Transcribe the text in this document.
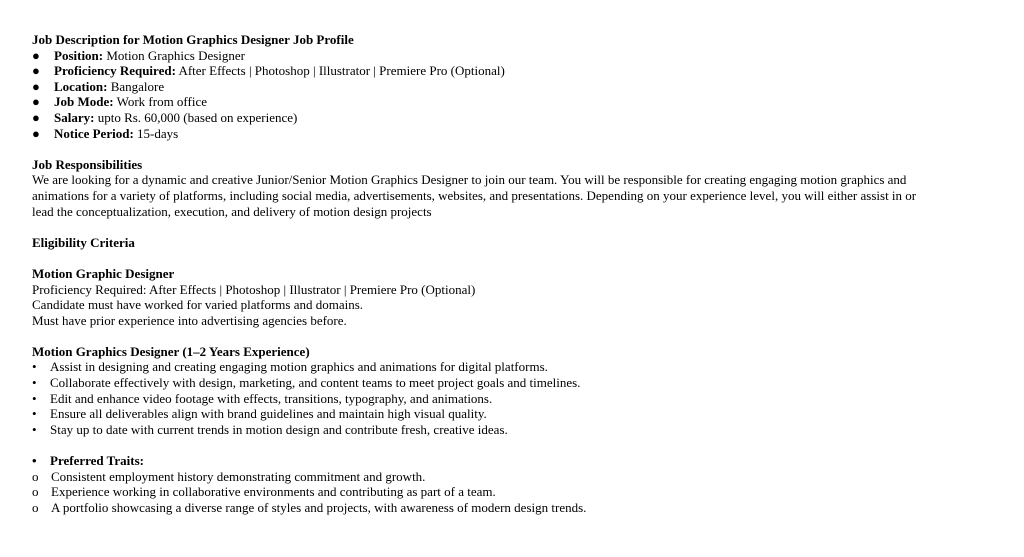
Job Description for Motion Graphics Designer Job Profile
●	Position: Motion Graphics Designer
●	Proficiency Required: After Effects | Photoshop | Illustrator | Premiere Pro (Optional)
●	Location: Bangalore
●	Job Mode: Work from office
●	Salary: upto Rs. 60,000 (based on experience)
●	Notice Period: 15-days
Job Responsibilities
We are looking for a dynamic and creative Junior/Senior Motion Graphics Designer to join our team. You will be responsible for creating engaging motion graphics and
animations for a variety of platforms, including social media, advertisements, websites, and presentations. Depending on your experience level, you will either assist in or
lead the conceptualization, execution, and delivery of motion design projects
Eligibility Criteria
Motion Graphic Designer
Proficiency Required: After Effects | Photoshop | Illustrator | Premiere Pro (Optional)
Candidate must have worked for varied platforms and domains.
Must have prior experience into advertising agencies before.
Motion Graphics Designer (1–2 Years Experience)
•	Assist in designing and creating engaging motion graphics and animations for digital platforms.
•	Collaborate effectively with design, marketing, and content teams to meet project goals and timelines.
•	Edit and enhance video footage with effects, transitions, typography, and animations.
•	Ensure all deliverables align with brand guidelines and maintain high visual quality.
•	Stay up to date with current trends in motion design and contribute fresh, creative ideas.
•	Preferred Traits:
o Consistent employment history demonstrating commitment and growth.
o Experience working in collaborative environments and contributing as part of a team.
o A portfolio showcasing a diverse range of styles and projects, with awareness of modern design trends.
